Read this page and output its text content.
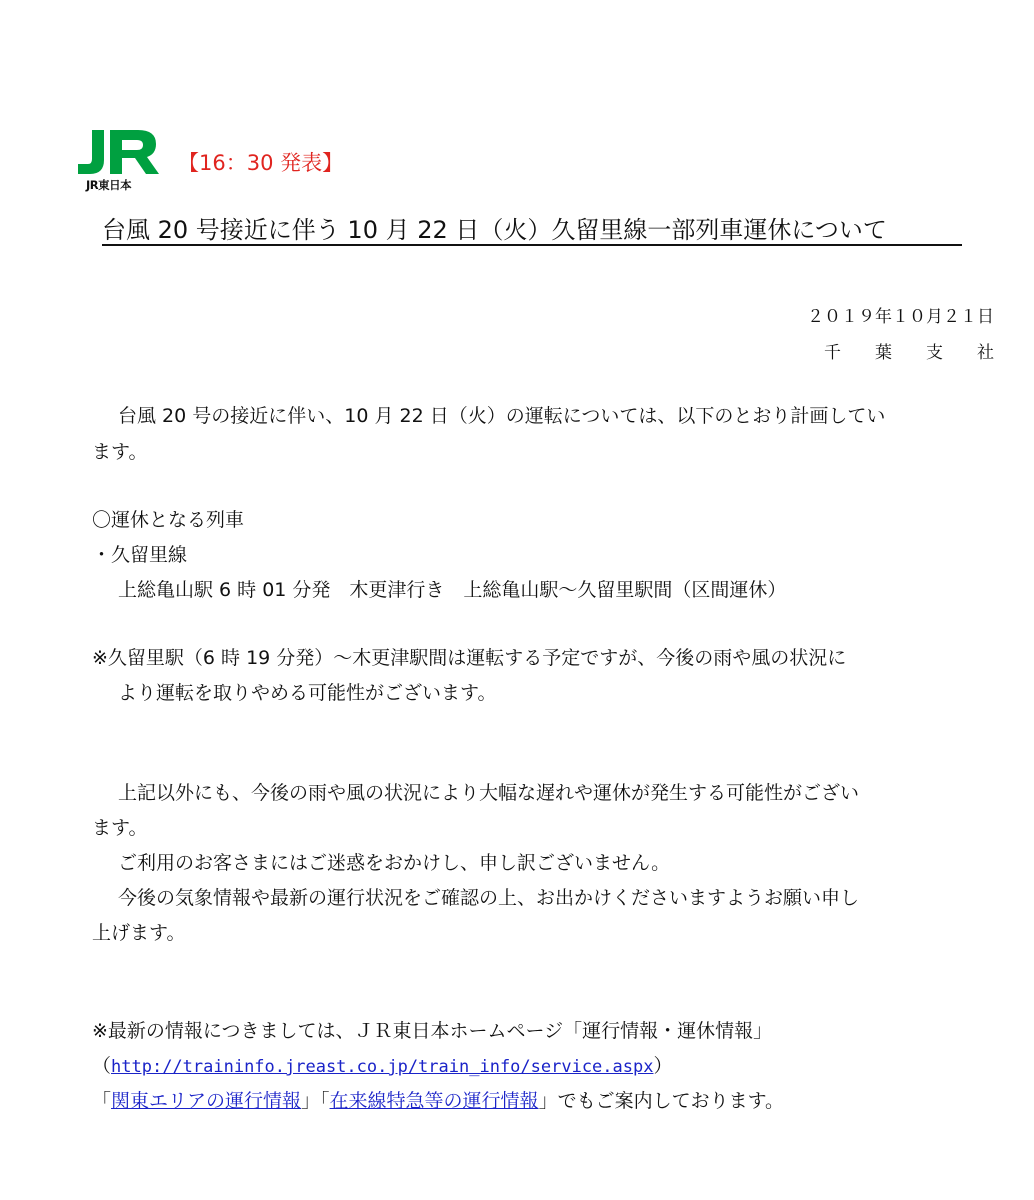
JR東日本
【16：30 発表】
台風 20 号接近に伴う 10 月 22 日（火）久留里線一部列車運休について
２０１９年１０月２１日
千　　葉　　支　　社
台風 20 号の接近に伴い、10 月 22 日（火）の運転については、以下のとおり計画してい
ます。
〇運休となる列車
・久留里線
上総亀山駅 6 時 01 分発　木更津行き　上総亀山駅～久留里駅間（区間運休）
※久留里駅（6 時 19 分発）～木更津駅間は運転する予定ですが、今後の雨や風の状況に
より運転を取りやめる可能性がございます。
上記以外にも、今後の雨や風の状況により大幅な遅れや運休が発生する可能性がござい
ます。
ご利用のお客さまにはご迷惑をおかけし、申し訳ございません。
今後の気象情報や最新の運行状況をご確認の上、お出かけくださいますようお願い申し
上げます。
※最新の情報につきましては、ＪＲ東日本ホームページ「運行情報・運休情報」
（http://traininfo.jreast.co.jp/train_info/service.aspx）
「関東エリアの運行情報」「在来線特急等の運行情報」でもご案内しております。
